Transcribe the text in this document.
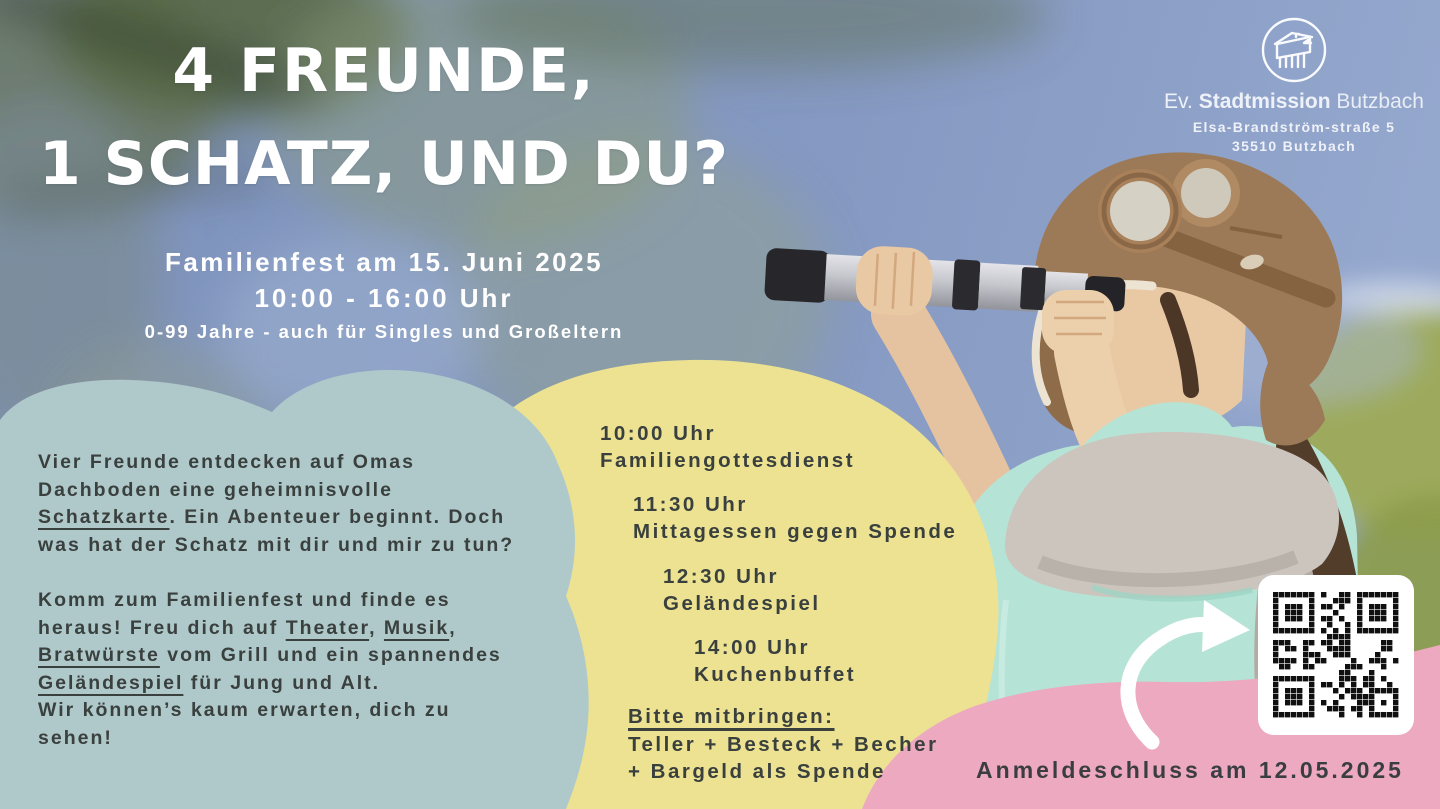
4 FREUNDE,
1 SCHATZ, UND DU?
Familienfest am 15. Juni 2025
10:00 - 16:00 Uhr
0-99 Jahre - auch für Singles und Großeltern
Ev. Stadtmission Butzbach
Elsa-Brandström-straße 5
35510 Butzbach
Vier Freunde entdecken auf Omas
Dachboden eine geheimnisvolle
Schatzkarte. Ein Abenteuer beginnt. Doch
was hat der Schatz mit dir und mir zu tun?
Komm zum Familienfest und finde es
heraus! Freu dich auf Theater, Musik,
Bratwürste vom Grill und ein spannendes
Geländespiel für Jung und Alt.
Wir können’s kaum erwarten, dich zu
sehen!
10:00 Uhr
Familiengottesdienst
11:30 Uhr
Mittagessen gegen Spende
12:30 Uhr
Geländespiel
14:00 Uhr
Kuchenbuffet
Bitte mitbringen:
Teller + Besteck + Becher
+ Bargeld als Spende	Anmeldeschluss am 12.05.2025
